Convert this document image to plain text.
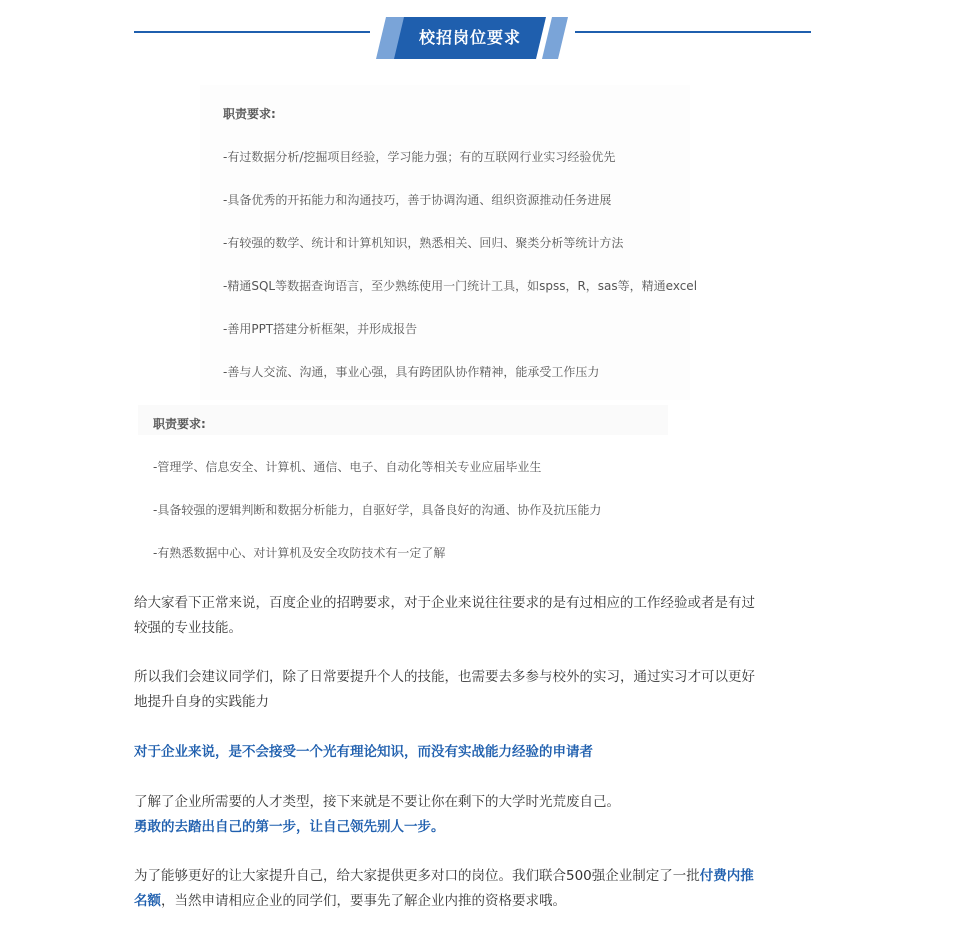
校招岗位要求
职责要求:
-有过数据分析/挖掘项目经验，学习能力强；有的互联网行业实习经验优先
-具备优秀的开拓能力和沟通技巧，善于协调沟通、组织资源推动任务进展
-有较强的数学、统计和计算机知识，熟悉相关、回归、聚类分析等统计方法
-精通SQL等数据查询语言，至少熟练使用一门统计工具，如spss，R，sas等，精通excel
-善用PPT搭建分析框架，并形成报告
-善与人交流、沟通，事业心强，具有跨团队协作精神，能承受工作压力
职责要求:
-管理学、信息安全、计算机、通信、电子、自动化等相关专业应届毕业生
-具备较强的逻辑判断和数据分析能力，自驱好学，具备良好的沟通、协作及抗压能力
-有熟悉数据中心、对计算机及安全攻防技术有一定了解
给大家看下正常来说，百度企业的招聘要求，对于企业来说往往要求的是有过相应的工作经验或者是有过
较强的专业技能。
所以我们会建议同学们，除了日常要提升个人的技能，也需要去多参与校外的实习，通过实习才可以更好
地提升自身的实践能力
对于企业来说，是不会接受一个光有理论知识，而没有实战能力经验的申请者
了解了企业所需要的人才类型，接下来就是不要让你在剩下的大学时光荒废自己。
勇敢的去踏出自己的第一步，让自己领先别人一步。
为了能够更好的让大家提升自己，给大家提供更多对口的岗位。我们联合500强企业制定了一批付费内推
名额，当然申请相应企业的同学们，要事先了解企业内推的资格要求哦。
